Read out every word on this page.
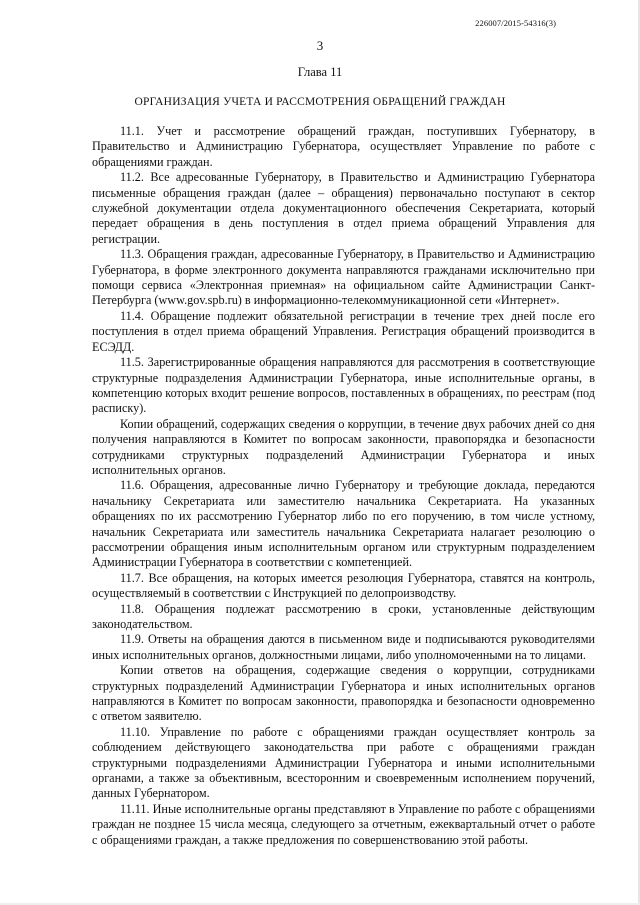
226007/2015-54316(3)
3
Глава 11
ОРГАНИЗАЦИЯ УЧЕТА И РАССМОТРЕНИЯ ОБРАЩЕНИЙ ГРАЖДАН

11.1. Учет и рассмотрение обращений граждан, поступивших Губернатору, в Правительство и Администрацию Губернатора, осуществляет Управление по работе с обращениями граждан.

11.2. Все адресованные Губернатору, в Правительство и Администрацию Губернатора письменные обращения граждан (далее – обращения) первоначально поступают в сектор служебной документации отдела документационного обеспечения Секретариата, который передает обращения в день поступления в отдел приема обращений Управления для регистрации.

11.3. Обращения граждан, адресованные Губернатору, в Правительство и Администрацию Губернатора, в форме электронного документа направляются гражданами исключительно при помощи сервиса «Электронная приемная» на официальном сайте Администрации Санкт-Петербурга (www.gov.spb.ru) в информационно-телекоммуникационной сети «Интернет».

11.4. Обращение подлежит обязательной регистрации в течение трех дней после его поступления в отдел приема обращений Управления. Регистрация обращений производится в ЕСЭДД.

11.5. Зарегистрированные обращения направляются для рассмотрения в соответствующие структурные подразделения Администрации Губернатора, иные исполнительные органы, в компетенцию которых входит решение вопросов, поставленных в обращениях, по реестрам (под расписку).

Копии обращений, содержащих сведения о коррупции, в течение двух рабочих дней со дня получения направляются в Комитет по вопросам законности, правопорядка и безопасности сотрудниками структурных подразделений Администрации Губернатора и иных исполнительных органов.

11.6. Обращения, адресованные лично Губернатору и требующие доклада, передаются начальнику Секретариата или заместителю начальника Секретариата. На указанных обращениях по их рассмотрению Губернатор либо по его поручению, в том числе устному, начальник Секретариата или заместитель начальника Секретариата налагает резолюцию о рассмотрении обращения иным исполнительным органом или структурным подразделением Администрации Губернатора в соответствии с компетенцией.

11.7. Все обращения, на которых имеется резолюция Губернатора, ставятся на контроль, осуществляемый в соответствии с Инструкцией по делопроизводству.

11.8. Обращения подлежат рассмотрению в сроки, установленные действующим законодательством.

11.9. Ответы на обращения даются в письменном виде и подписываются руководителями иных исполнительных органов, должностными лицами, либо уполномоченными на то лицами.

Копии ответов на обращения, содержащие сведения о коррупции, сотрудниками структурных подразделений Администрации Губернатора и иных исполнительных органов направляются в Комитет по вопросам законности, правопорядка и безопасности одновременно с ответом заявителю.

11.10. Управление по работе с обращениями граждан осуществляет контроль за соблюдением действующего законодательства при работе с обращениями граждан структурными подразделениями Администрации Губернатора и иными исполнительными органами, а также за объективным, всесторонним и своевременным исполнением поручений, данных Губернатором.

11.11. Иные исполнительные органы представляют в Управление по работе с обращениями граждан не позднее 15 числа месяца, следующего за отчетным, ежеквартальный отчет о работе с обращениями граждан, а также предложения по совершенствованию этой работы.
